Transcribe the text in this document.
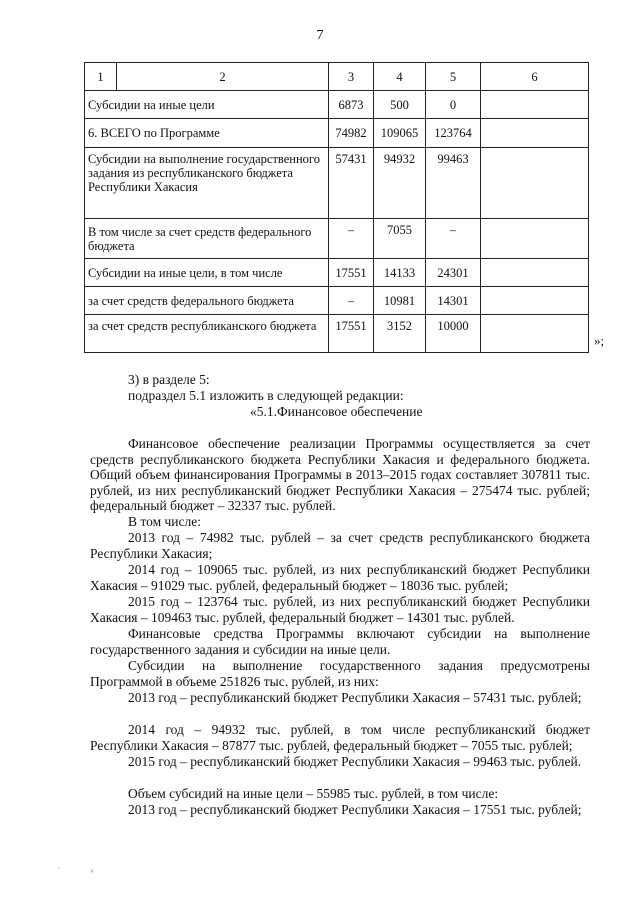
7
1	2	3	4	5	6
Субсидии на иные цели		6873	500	0	
6. ВСЕГО по Программе		74982	109065	123764	
Субсидии на выполнение государственного задания из республиканского бюджета Республики Хакасия		57431	94932	99463	
В том числе за счет средств федерального бюджета		–	7055	–	
Субсидии на иные цели, в том числе		17551	14133	24301	
за счет средств федерального бюджета		–	10981	14301	
за счет средств республиканского бюджета		17551	3152	10000	
»;
3) в разделе 5:
подраздел 5.1 изложить в следующей редакции:
«5.1.Финансовое обеспечение

Финансовое обеспечение реализации Программы осуществляется за счет средств республиканского бюджета Республики Хакасия и федерального бюджета. Общий объем финансирования Программы в 2013–2015 годах составляет 307811 тыс. рублей, из них республиканский бюджет Республики Хакасия – 275474 тыс. рублей; федеральный бюджет – 32337 тыс. рублей.

В том числе:

2013 год – 74982 тыс. рублей – за счет средств республиканского бюджета Республики Хакасия;

2014 год – 109065 тыс. рублей, из них республиканский бюджет Республики Хакасия – 91029 тыс. рублей, федеральный бюджет – 18036 тыс. рублей;

2015 год – 123764 тыс. рублей, из них республиканский бюджет Республики Хакасия – 109463 тыс. рублей, федеральный бюджет – 14301 тыс. рублей.

Финансовые средства Программы включают субсидии на выполнение государственного задания и субсидии на иные цели.

Субсидии на выполнение государственного задания предусмотрены Программой в объеме 251826 тыс. рублей, из них:

2013 год – республиканский бюджет Республики Хакасия – 57431 тыс. рублей;

2014 год – 94932 тыс. рублей, в том числе республиканский бюджет Республики Хакасия – 87877 тыс. рублей, федеральный бюджет – 7055 тыс. рублей;

2015 год – республиканский бюджет Республики Хакасия – 99463 тыс. рублей.

Объем субсидий на иные цели – 55985 тыс. рублей, в том числе:

2013 год – республиканский бюджет Республики Хакасия – 17551 тыс. рублей;

́ ˟
